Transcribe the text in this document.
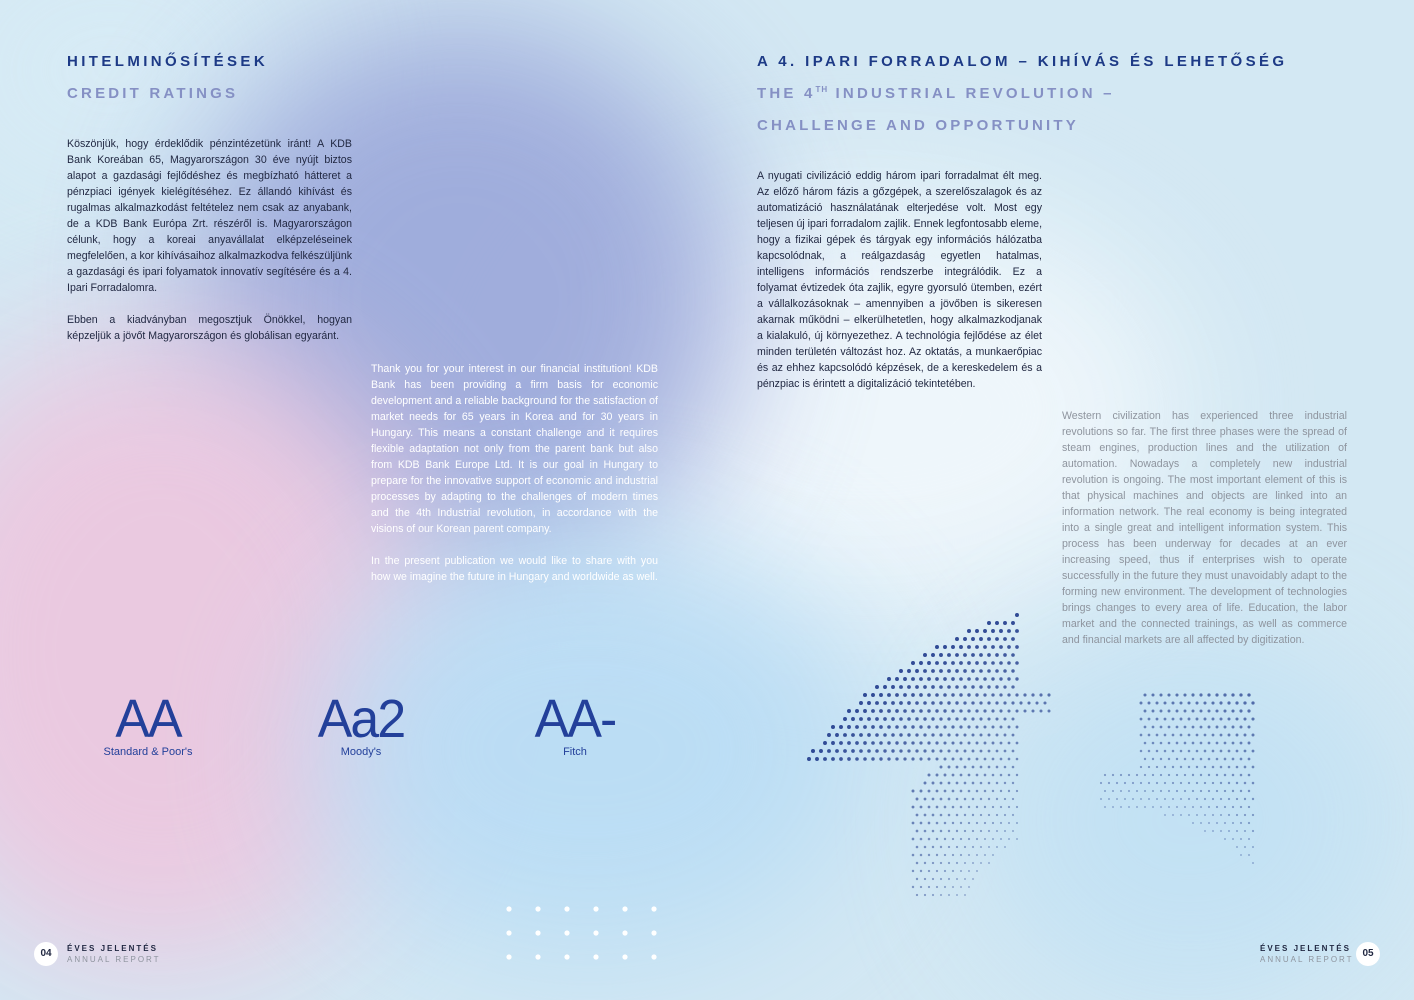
HITELMINŐSÍTÉSEK
CREDIT RATINGS

Köszönjük, hogy érdeklődik pénzintézetünk iránt! A KDB Bank Koreában 65, Magyarországon 30 éve nyújt biztos alapot a gazdasági fejlődéshez és megbízható hátteret a pénzpiaci igények kielégítéséhez. Ez állandó kihívást és rugalmas alkalmazkodást feltételez nem csak az anyabank, de a KDB Bank Európa Zrt. részéről is. Magyarországon célunk, hogy a koreai anyavállalat elképzeléseinek megfelelően, a kor kihívásaihoz alkalmazkodva felkészüljünk a gazdasági és ipari folyamatok innovatív segítésére és a 4. Ipari Forradalomra.

Ebben a kiadványban megosztjuk Önökkel, hogyan képzeljük a jövőt Magyarországon és globálisan egyaránt.

Thank you for your interest in our financial institution! KDB Bank has been providing a firm basis for economic development and a reliable background for the satisfaction of market needs for 65 years in Korea and for 30 years in Hungary. This means a constant challenge and it requires flexible adaptation not only from the parent bank but also from KDB Bank Europe Ltd. It is our goal in Hungary to prepare for the innovative support of economic and industrial processes by adapting to the challenges of modern times and the 4th Industrial revolution, in accordance with the visions of our Korean parent company.

In the present publication we would like to share with you how we imagine the future in Hungary and worldwide as well.

AA
Standard & Poor's
Aa2
Moody's
AA-
Fitch
04	ÉVES JELENTÉS
ANNUAL REPORT
A 4. IPARI FORRADALOM – KIHÍVÁS ÉS LEHETŐSÉG
THE 4TH INDUSTRIAL REVOLUTION –
CHALLENGE AND OPPORTUNITY

A nyugati civilizáció eddig három ipari forradalmat élt meg. Az előző három fázis a gőzgépek, a szerelőszalagok és az automatizáció használatának elterjedése volt. Most egy teljesen új ipari forradalom zajlik. Ennek legfontosabb eleme, hogy a fizikai gépek és tárgyak egy információs hálózatba kapcsolódnak, a reálgazdaság egyetlen hatalmas, intelligens információs rendszerbe integrálódik. Ez a folyamat évtizedek óta zajlik, egyre gyorsuló ütemben, ezért a vállalkozásoknak – amennyiben a jövőben is sikeresen akarnak működni – elkerülhetetlen, hogy alkalmazkodjanak a kialakuló, új környezethez. A technológia fejlődése az élet minden területén változást hoz. Az oktatás, a munkaerőpiac és az ehhez kapcsolódó képzések, de a kereskedelem és a pénzpiac is érintett a digitalizáció tekintetében.

Western civilization has experienced three industrial revolutions so far. The first three phases were the spread of steam engines, production lines and the utilization of automation. Nowadays a completely new industrial revolution is ongoing. The most important element of this is that physical machines and objects are linked into an information network. The real economy is being integrated into a single great and intelligent information system. This process has been underway for decades at an ever increasing speed, thus if enterprises wish to operate successfully in the future they must unavoidably adapt to the forming new environment. The development of technologies brings changes to every area of life. Education, the labor market and the connected trainings, as well as commerce and financial markets are all affected by digitization.

ÉVES JELENTÉS
ANNUAL REPORT
05
